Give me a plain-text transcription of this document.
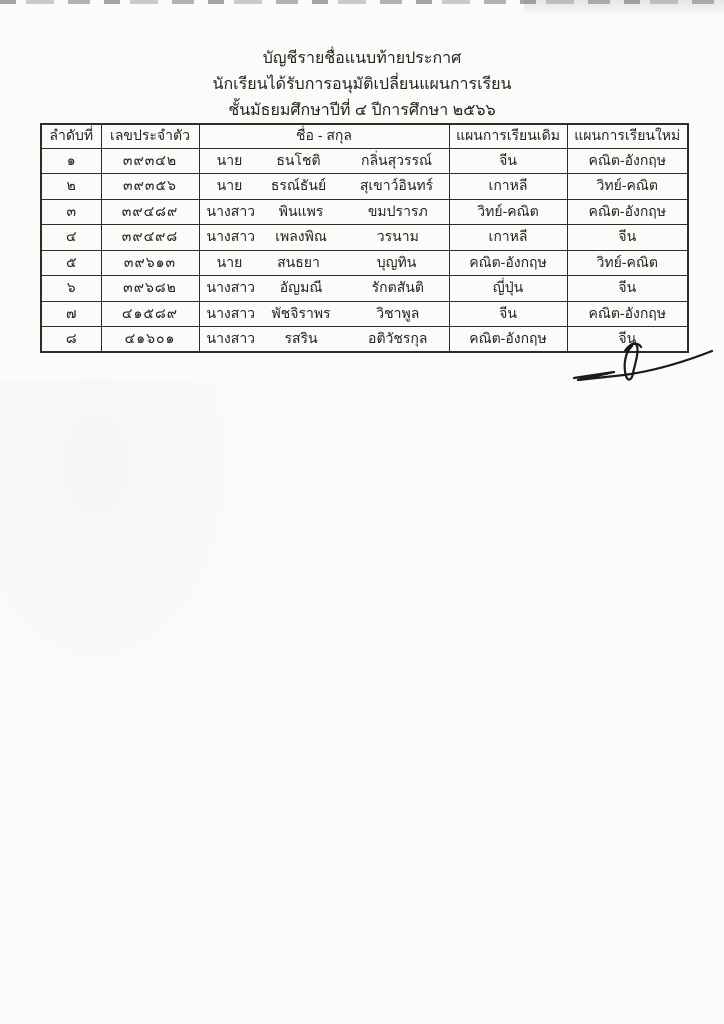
บัญชีรายชื่อแนบท้ายประกาศ
นักเรียนได้รับการอนุมัติเปลี่ยนแผนการเรียน
ชั้นมัธยมศึกษาปีที่ ๔ ปีการศึกษา ๒๕๖๖
ลำดับที่	เลขประจำตัว	ชื่อ - สกุล	แผนการเรียนเดิม	แผนการเรียนใหม่
๑	๓๙๓๔๒	นาย ธนโชติ กลิ่นสุวรรณ์	จีน	คณิต-อังกฤษ
๒	๓๙๓๕๖	นาย ธรณ์ธันย์ สุเขาว์อินทร์	เกาหลี	วิทย์-คณิต
๓	๓๙๔๘๙	นางสาว พินแพร ขมปรารภ	วิทย์-คณิต	คณิต-อังกฤษ
๔	๓๙๔๙๘	นางสาว เพลงพิณ วรนาม	เกาหลี	จีน
๕	๓๙๖๑๓	นาย สนธยา บุญทิน	คณิต-อังกฤษ	วิทย์-คณิต
๖	๓๙๖๘๒	นางสาว อัญมณี รักตสันติ	ญี่ปุ่น	จีน
๗	๔๑๕๘๙	นางสาว พัชจิราพร วิชาพูล	จีน	คณิต-อังกฤษ
๘	๔๑๖๐๑	นางสาว รสริน อติวัชรกุล	คณิต-อังกฤษ	จีน
